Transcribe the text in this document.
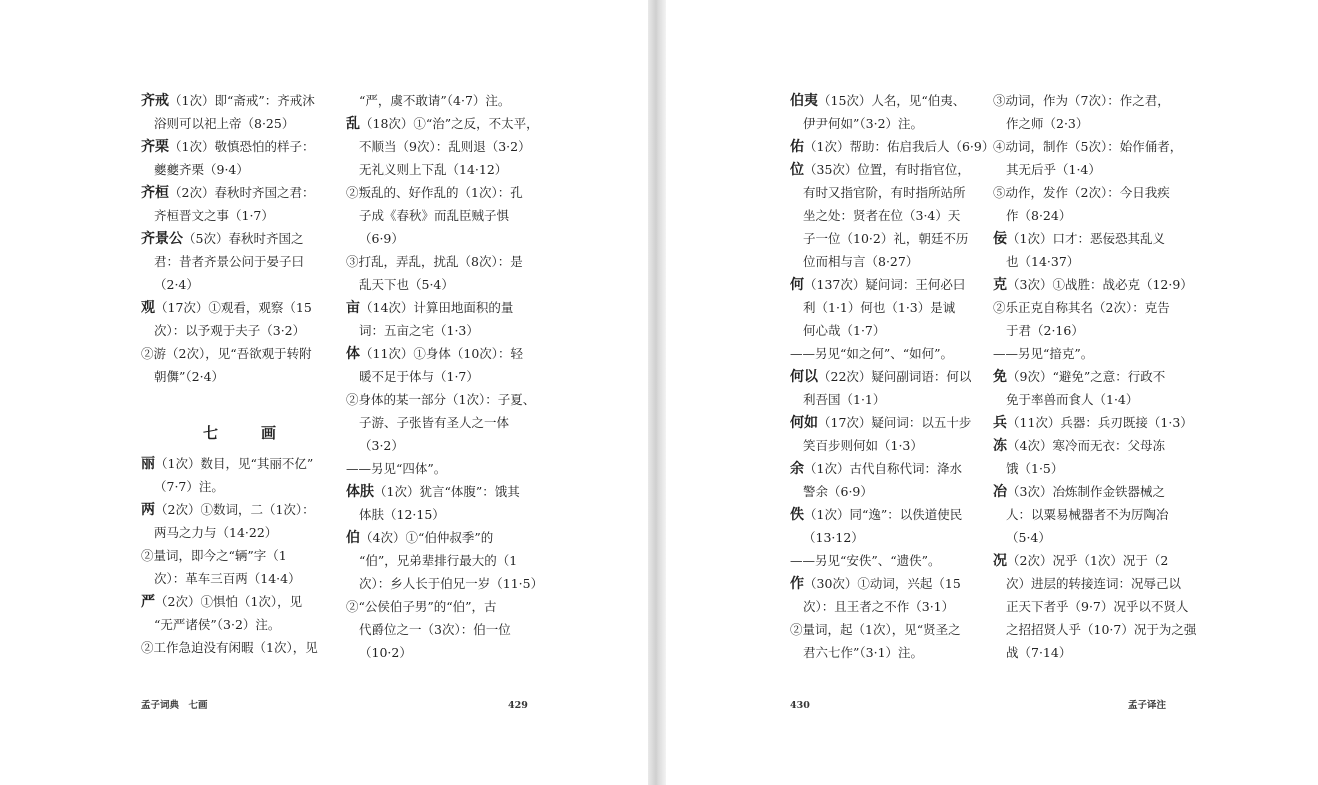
齐戒（1次）即“斋戒”：齐戒沐
浴则可以祀上帝（8·25）
齐栗（1次）敬慎恐怕的样子：
夔夔齐栗（9·4）
齐桓（2次）春秋时齐国之君：
齐桓晋文之事（1·7）
齐景公（5次）春秋时齐国之
君：昔者齐景公问于晏子曰
（2·4）
观（17次）①观看，观察（15
次）：以予观于夫子（3·2）
②游（2次），见“吾欲观于转附
朝儛”（2·4）
七　画
丽（1次）数目，见“其丽不亿”
（7·7）注。
两（2次）①数词，二（1次）：
两马之力与（14·22）
②量词，即今之“辆”字（1
次）：革车三百两（14·4）
严（2次）①惧怕（1次），见
“无严诸侯”（3·2）注。
②工作急迫没有闲暇（1次），见
“严，虞不敢请”（4·7）注。
乱（18次）①“治”之反，不太平，
不顺当（9次）：乱则退（3·2）
无礼义则上下乱（14·12）
②叛乱的、好作乱的（1次）：孔
子成《春秋》而乱臣贼子惧
（6·9）
③打乱，弄乱，扰乱（8次）：是
乱天下也（5·4）
亩（14次）计算田地面积的量
词：五亩之宅（1·3）
体（11次）①身体（10次）：轻
暖不足于体与（1·7）
②身体的某一部分（1次）：子夏、
子游、子张皆有圣人之一体
（3·2）
——另见“四体”。
体肤（1次）犹言“体腹”：饿其
体肤（12·15）
伯（4次）①“伯仲叔季”的
“伯”，兄弟辈排行最大的（1
次）：乡人长于伯兄一岁（11·5）
②“公侯伯子男”的“伯”，古
代爵位之一（3次）：伯一位
（10·2）
伯夷（15次）人名，见“伯夷、
伊尹何如”（3·2）注。
佑（1次）帮助：佑启我后人（6·9）
位（35次）位置，有时指官位，
有时又指官阶，有时指所站所
坐之处：贤者在位（3·4）天
子一位（10·2）礼，朝廷不历
位而相与言（8·27）
何（137次）疑问词：王何必曰
利（1·1）何也（1·3）是诚
何心哉（1·7）
——另见“如之何”、“如何”。
何以（22次）疑问副词语：何以
利吾国（1·1）
何如（17次）疑问词：以五十步
笑百步则何如（1·3）
余（1次）古代自称代词：洚水
警余（6·9）
佚（1次）同“逸”：以佚道使民
（13·12）
——另见“安佚”、“遗佚”。
作（30次）①动词，兴起（15
次）：且王者之不作（3·1）
②量词，起（1次），见“贤圣之
君六七作”（3·1）注。
③动词，作为（7次）：作之君，
作之师（2·3）
④动词，制作（5次）：始作俑者，
其无后乎（1·4）
⑤动作，发作（2次）：今日我疾
作（8·24）
佞（1次）口才：恶佞恐其乱义
也（14·37）
克（3次）①战胜：战必克（12·9）
②乐正克自称其名（2次）：克告
于君（2·16）
——另见“揞克”。
免（9次）“避免”之意：行政不
免于率兽而食人（1·4）
兵（11次）兵器：兵刃既接（1·3）
冻（4次）寒冷而无衣：父母冻
饿（1·5）
冶（3次）冶炼制作金铁器械之
人：以粟易械器者不为厉陶冶
（5·4）
况（2次）况乎（1次）况于（2
次）进层的转接连词：况辱己以
正天下者乎（9·7）况乎以不贤人
之招招贤人乎（10·7）况于为之强
战（7·14）
孟子词典　七画	429	430	孟子译注
